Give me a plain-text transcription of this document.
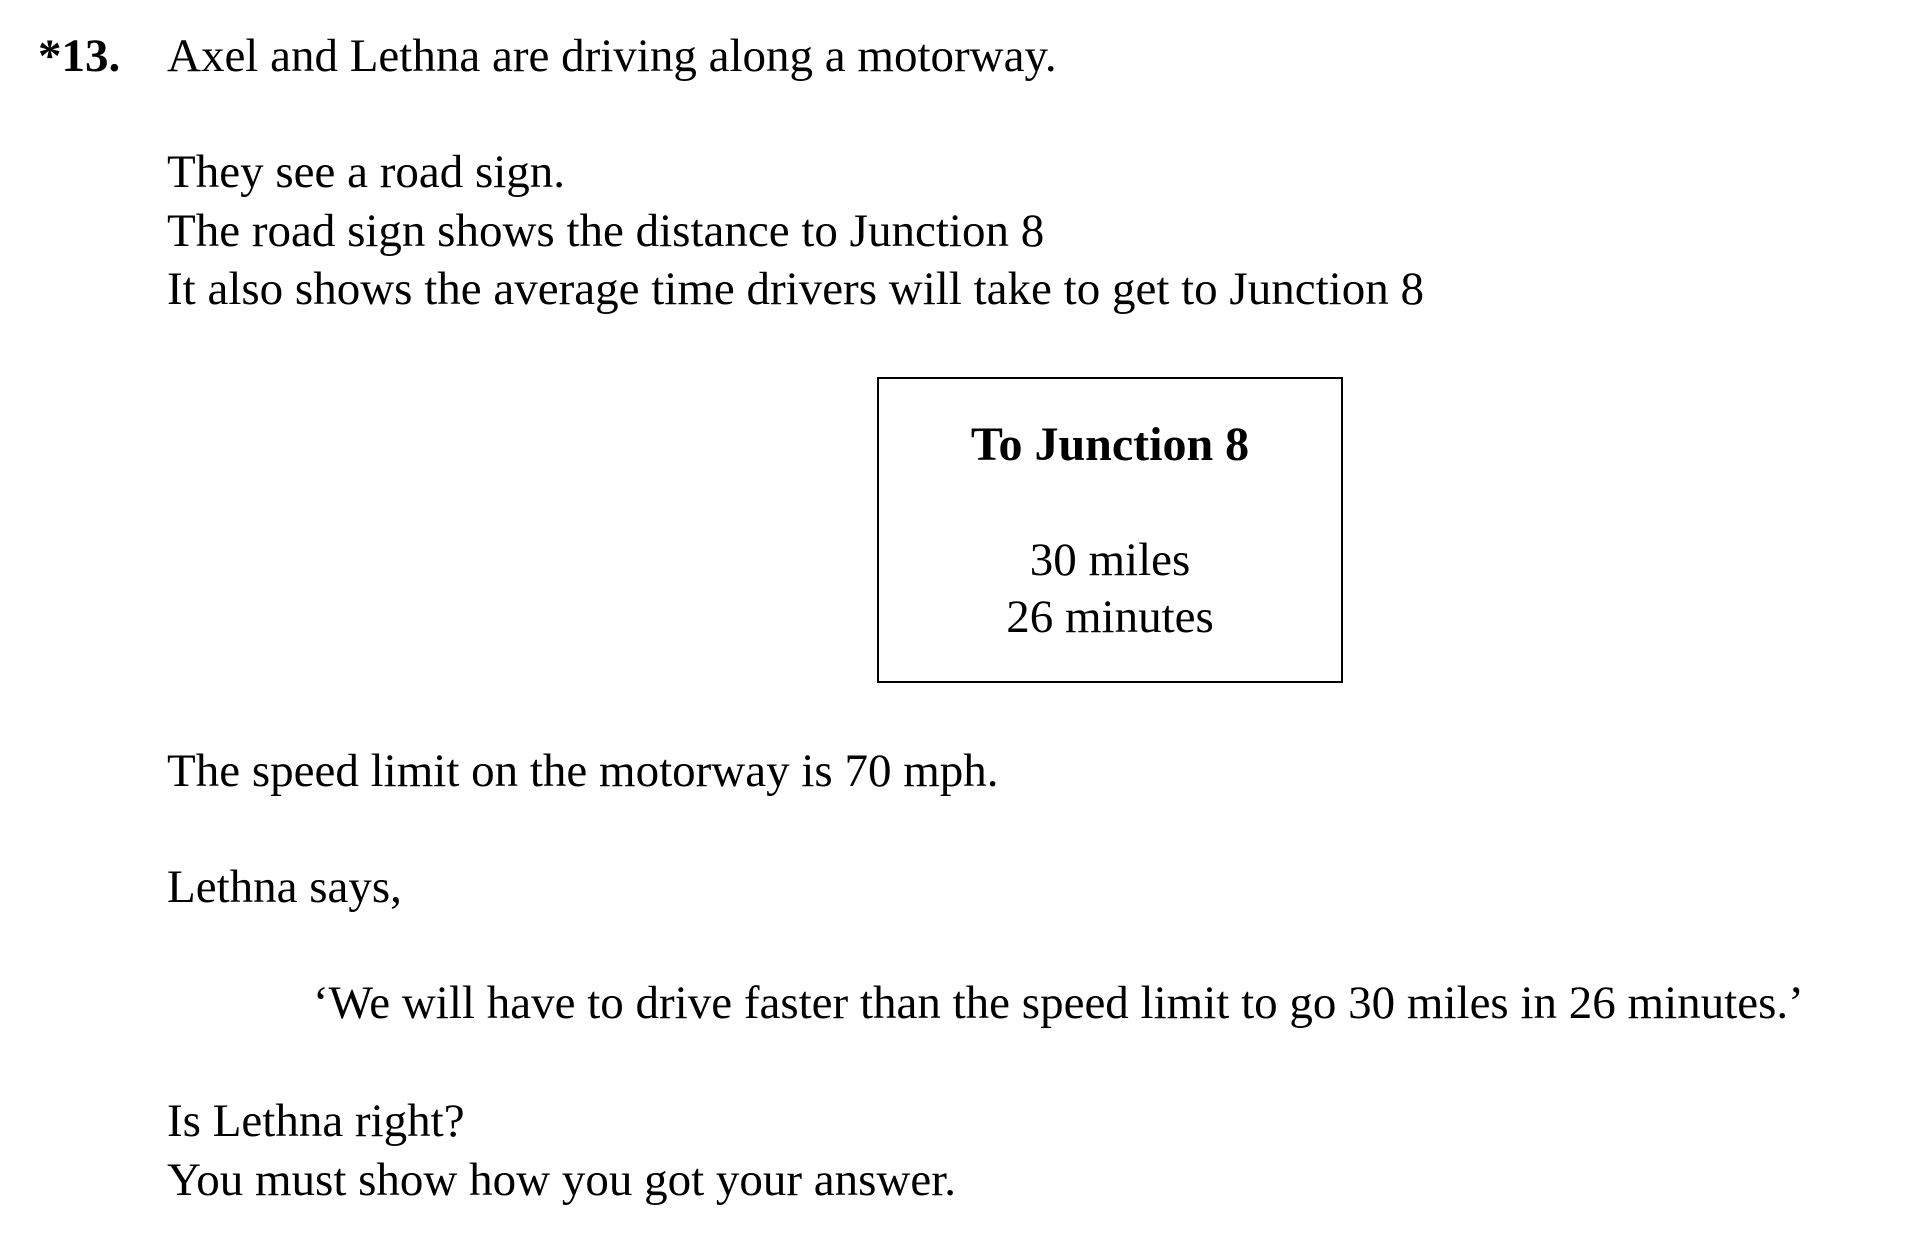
*13. Axel and Lethna are driving along a motorway.
They see a road sign.
The road sign shows the distance to Junction 8
It also shows the average time drivers will take to get to Junction 8
To Junction 8
30 miles
26 minutes
The speed limit on the motorway is 70 mph.
Lethna says,
‘We will have to drive faster than the speed limit to go 30 miles in 26 minutes.’
Is Lethna right?
You must show how you got your answer.
